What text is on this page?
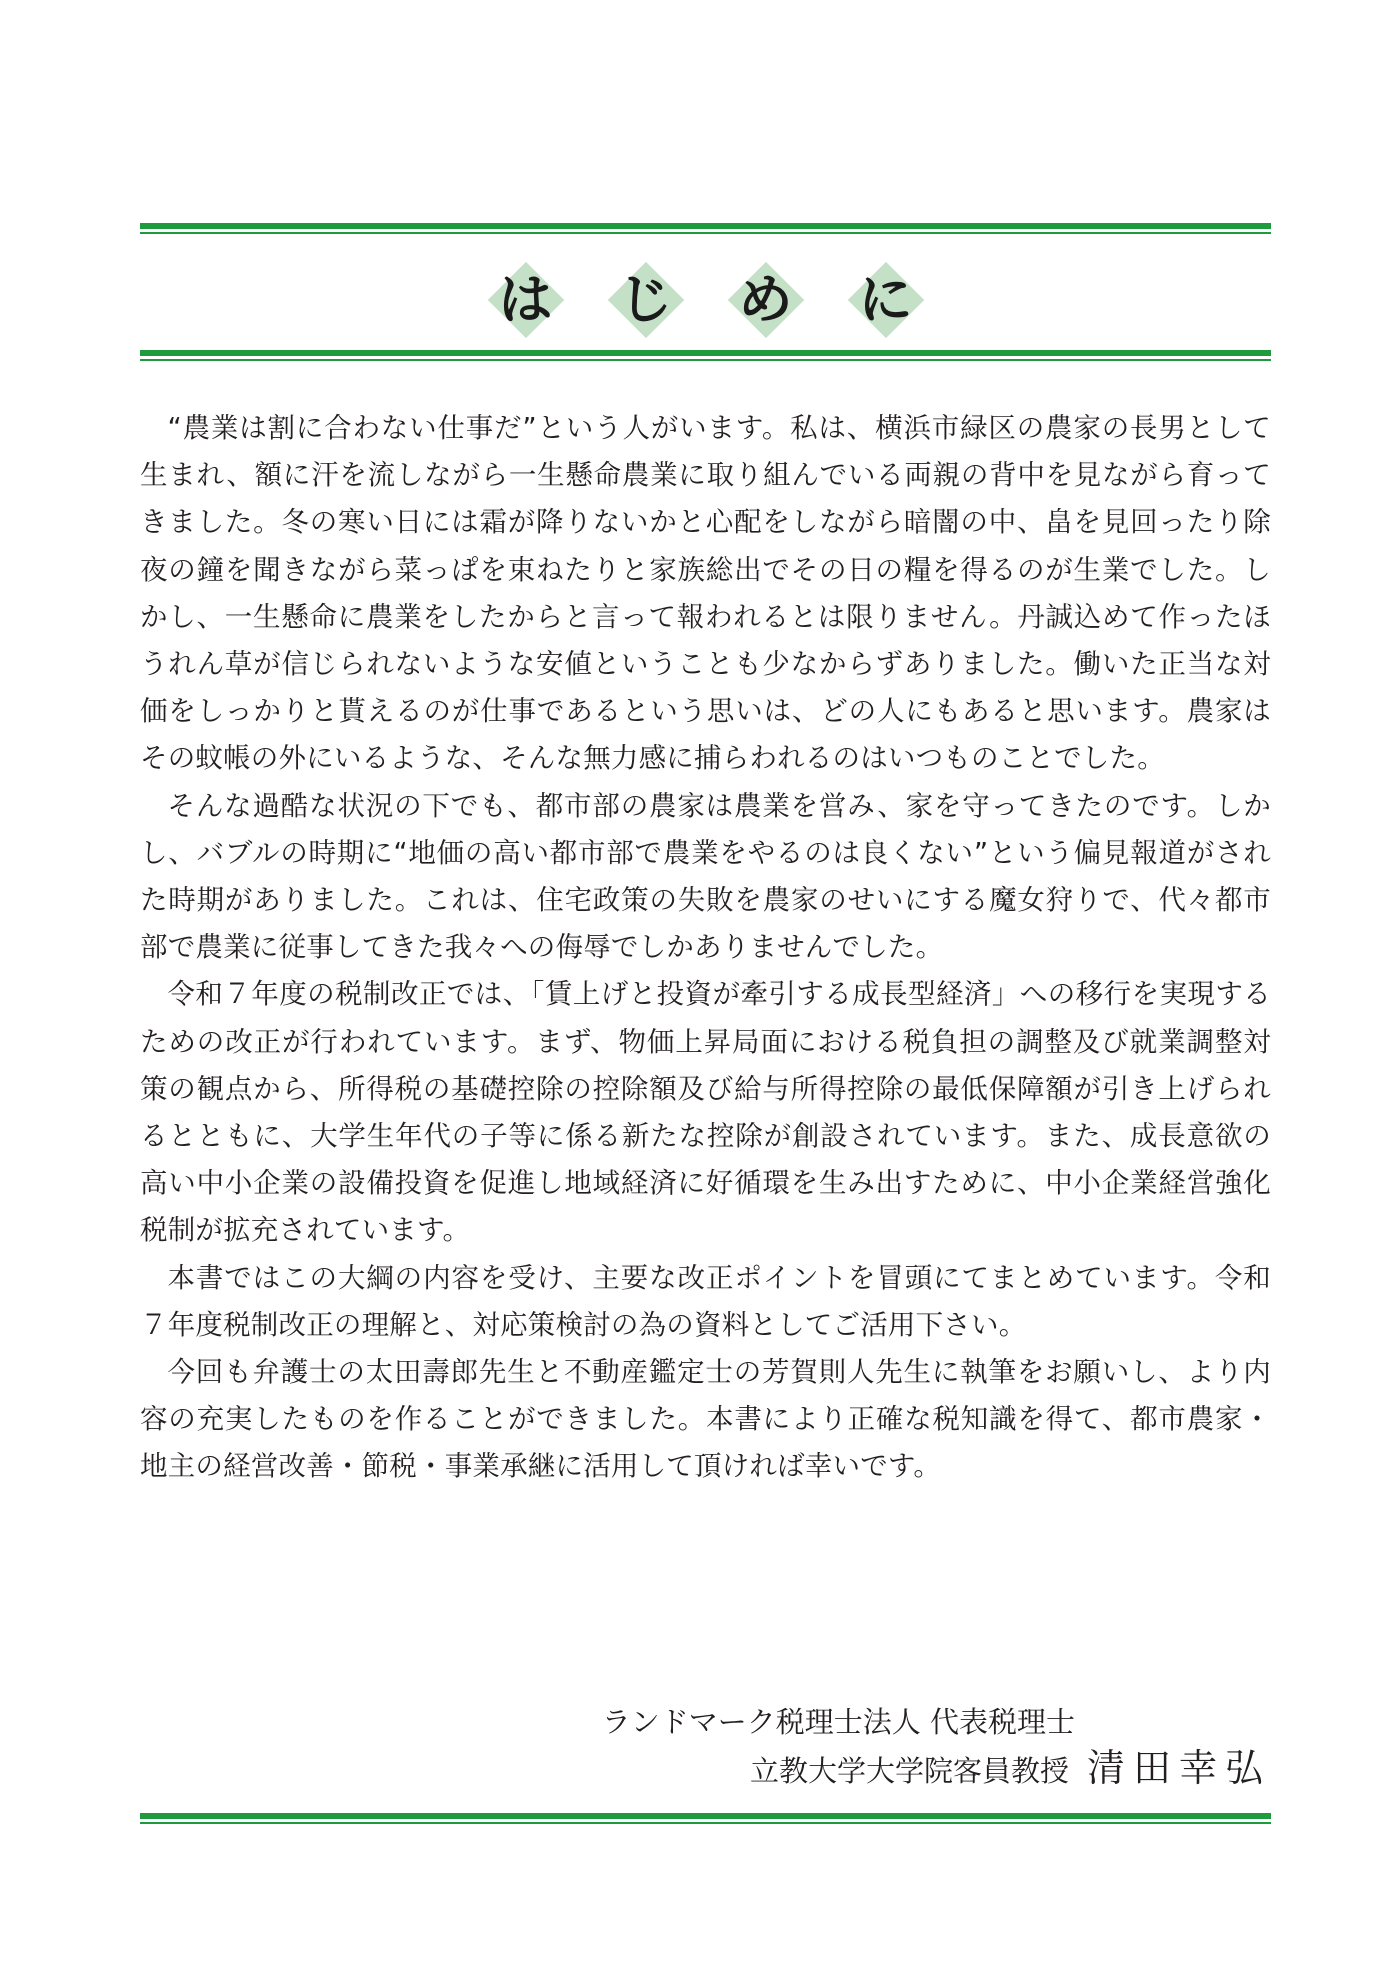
は じ め に

“農業は割に合わない仕事だ”という人がいます。私は、横浜市緑区の農家の長男として生まれ、額に汗を流しながら一生懸命農業に取り組んでいる両親の背中を見ながら育ってきました。冬の寒い日には霜が降りないかと心配をしながら暗闇の中、畠を見回ったり除夜の鐘を聞きながら菜っぱを束ねたりと家族総出でその日の糧を得るのが生業でした。しかし、一生懸命に農業をしたからと言って報われるとは限りません。丹誠込めて作ったほうれん草が信じられないような安値ということも少なからずありました。働いた正当な対価をしっかりと貰えるのが仕事であるという思いは、どの人にもあると思います。農家はその蚊帳の外にいるような、そんな無力感に捕らわれるのはいつものことでした。

そんな過酷な状況の下でも、都市部の農家は農業を営み、家を守ってきたのです。しかし、バブルの時期に“地価の高い都市部で農業をやるのは良くない”という偏見報道がされた時期がありました。これは、住宅政策の失敗を農家のせいにする魔女狩りで、代々都市部で農業に従事してきた我々への侮辱でしかありませんでした。

令和７年度の税制改正では、「賃上げと投資が牽引する成長型経済」への移行を実現するための改正が行われています。まず、物価上昇局面における税負担の調整及び就業調整対策の観点から、所得税の基礎控除の控除額及び給与所得控除の最低保障額が引き上げられるとともに、大学生年代の子等に係る新たな控除が創設されています。また、成長意欲の高い中小企業の設備投資を促進し地域経済に好循環を生み出すために、中小企業経営強化税制が拡充されています。

本書ではこの大綱の内容を受け、主要な改正ポイントを冒頭にてまとめています。令和７年度税制改正の理解と、対応策検討の為の資料としてご活用下さい。

今回も弁護士の太田壽郎先生と不動産鑑定士の芳賀則人先生に執筆をお願いし、より内容の充実したものを作ることができました。本書により正確な税知識を得て、都市農家・地主の経営改善・節税・事業承継に活用して頂ければ幸いです。

ランドマーク税理士法人 代表税理士
立教大学大学院客員教授 清田幸弘
